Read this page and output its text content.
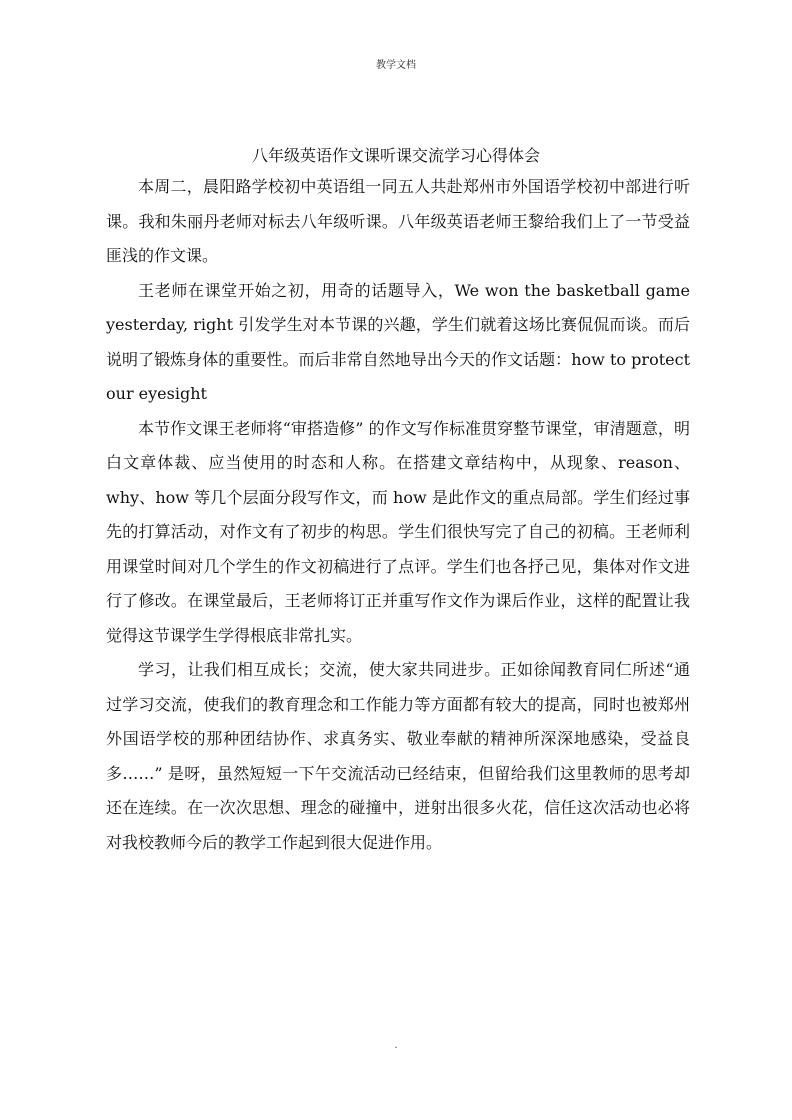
教学文档
八年级英语作文课听课交流学习心得体会

本周二，晨阳路学校初中英语组一同五人共赴郑州市外国语学校初中部进行听课。我和朱丽丹老师对标去八年级听课。八年级英语老师王黎给我们上了一节受益匪浅的作文课。

王老师在课堂开始之初，用奇的话题导入，We won the basketball game yesterday, right 引发学生对本节课的兴趣，学生们就着这场比赛侃侃而谈。而后说明了锻炼身体的重要性。而后非常自然地导出今天的作文话题：how to protect our eyesight

本节作文课王老师将“审搭造修” 的作文写作标准贯穿整节课堂，审清题意，明白文章体裁、应当使用的时态和人称。在搭建文章结构中，从现象、reason、why、how 等几个层面分段写作文，而 how 是此作文的重点局部。学生们经过事先的打算活动，对作文有了初步的构思。学生们很快写完了自己的初稿。王老师利用课堂时间对几个学生的作文初稿进行了点评。学生们也各抒己见，集体对作文进行了修改。在课堂最后，王老师将订正并重写作文作为课后作业，这样的配置让我觉得这节课学生学得根底非常扎实。

学习，让我们相互成长；交流，使大家共同进步。正如徐闻教育同仁所述“通过学习交流，使我们的教育理念和工作能力等方面都有较大的提高，同时也被郑州外国语学校的那种团结协作、求真务实、敬业奉献的精神所深深地感染，受益良多……” 是呀，虽然短短一下午交流活动已经结束，但留给我们这里教师的思考却还在连续。在一次次思想、理念的碰撞中，迸射出很多火花，信任这次活动也必将对我校教师今后的教学工作起到很大促进作用。

.
